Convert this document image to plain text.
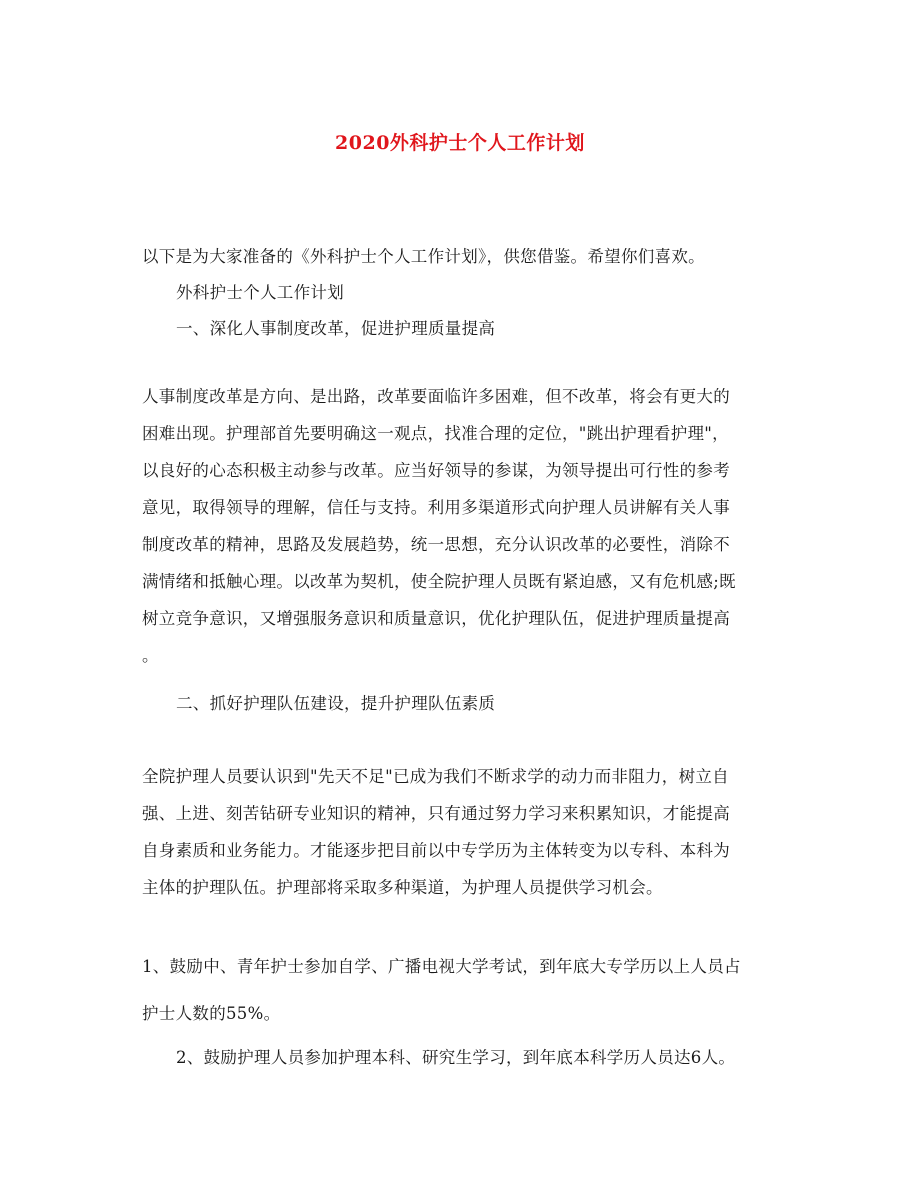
2020外科护士个人工作计划
以下是为大家准备的《外科护士个人工作计划》，供您借鉴。希望你们喜欢。
外科护士个人工作计划
一、深化人事制度改革，促进护理质量提高
人事制度改革是方向、是出路，改革要面临许多困难，但不改革，将会有更大的
困难出现。护理部首先要明确这一观点，找准合理的定位，"跳出护理看护理"，
以良好的心态积极主动参与改革。应当好领导的参谋，为领导提出可行性的参考
意见，取得领导的理解，信任与支持。利用多渠道形式向护理人员讲解有关人事
制度改革的精神，思路及发展趋势，统一思想，充分认识改革的必要性，消除不
满情绪和抵触心理。以改革为契机，使全院护理人员既有紧迫感，又有危机感;既
树立竞争意识，又增强服务意识和质量意识，优化护理队伍，促进护理质量提高
。
二、抓好护理队伍建设，提升护理队伍素质
全院护理人员要认识到"先天不足"已成为我们不断求学的动力而非阻力，树立自
强、上进、刻苦钻研专业知识的精神，只有通过努力学习来积累知识，才能提高
自身素质和业务能力。才能逐步把目前以中专学历为主体转变为以专科、本科为
主体的护理队伍。护理部将采取多种渠道，为护理人员提供学习机会。
1、鼓励中、青年护士参加自学、广播电视大学考试，到年底大专学历以上人员占
护士人数的55%。
2、鼓励护理人员参加护理本科、研究生学习，到年底本科学历人员达6人。
